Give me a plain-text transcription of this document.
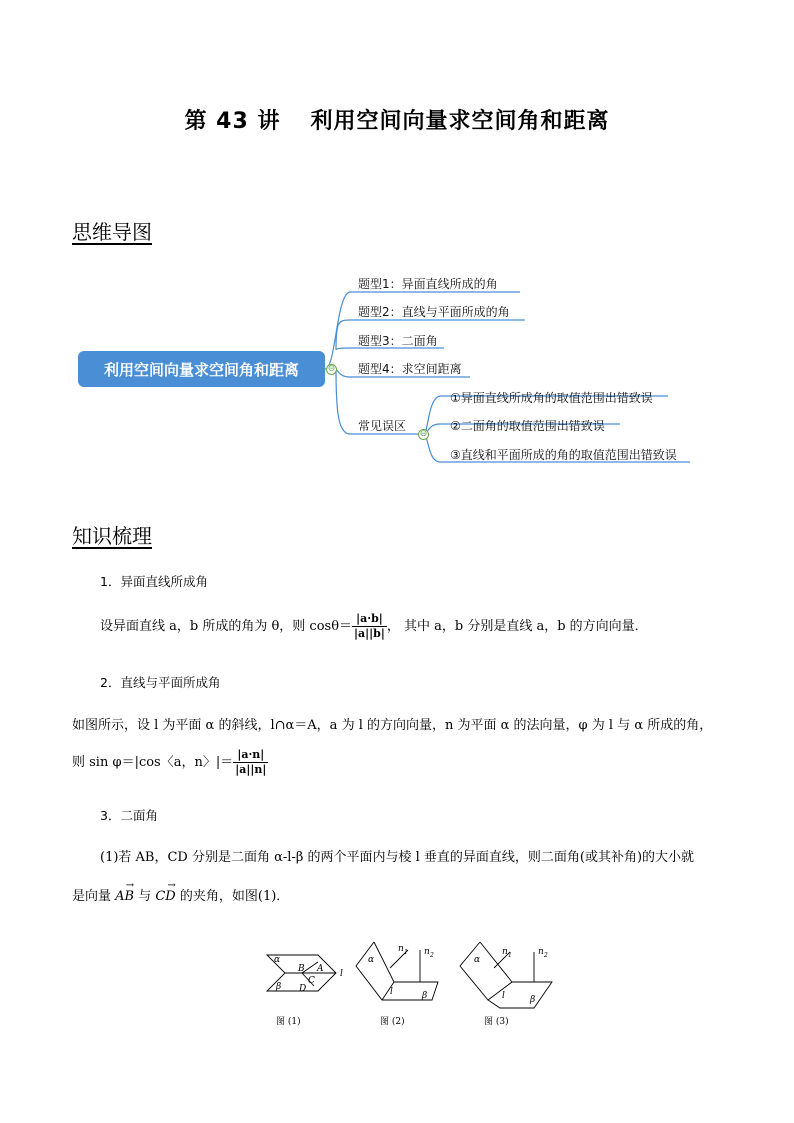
第 43 讲 利用空间向量求空间角和距离
思维导图
利用空间向量求空间角和距离	⊖
题型1：异面直线所成的角
题型2：直线与平面所成的角
题型3：二面角
题型4：求空间距离
常见误区
⊖
①异面直线所成角的取值范围出错致误
②二面角的取值范围出错致误
③直线和平面所成的角的取值范围出错致误
知识梳理
1．异面直线所成角
设异面直线 a，b 所成的角为 θ，则 $\cos\theta= \frac{|a\cdot b|}{|a||b|}$ ， 其中 a，b 分别是直线 a，b 的方向向量．
2．直线与平面所成角
如图所示，设 l 为平面 α 的斜线，l∩α＝A，a 为 l 的方向向量，n 为平面 α 的法向量，φ 为 l 与 α 所成的角，
则 sin φ＝|cos〈a，n〉|＝ $\frac{|a\cdot n|}{|a||n|}$
3．二面角
(1)若 AB，CD 分别是二面角 α-l-β 的两个平面内与棱 l 垂直的异面直线，则二面角(或其补角)的大小就
是向量 → AB 与 → CD 的夹角，如图(1)．
α
β
B A
C
D
l
图 (1)
α
β
l
n 1 n 2
图 (2)
α
β
l
n 1	n 2
图 (3)
